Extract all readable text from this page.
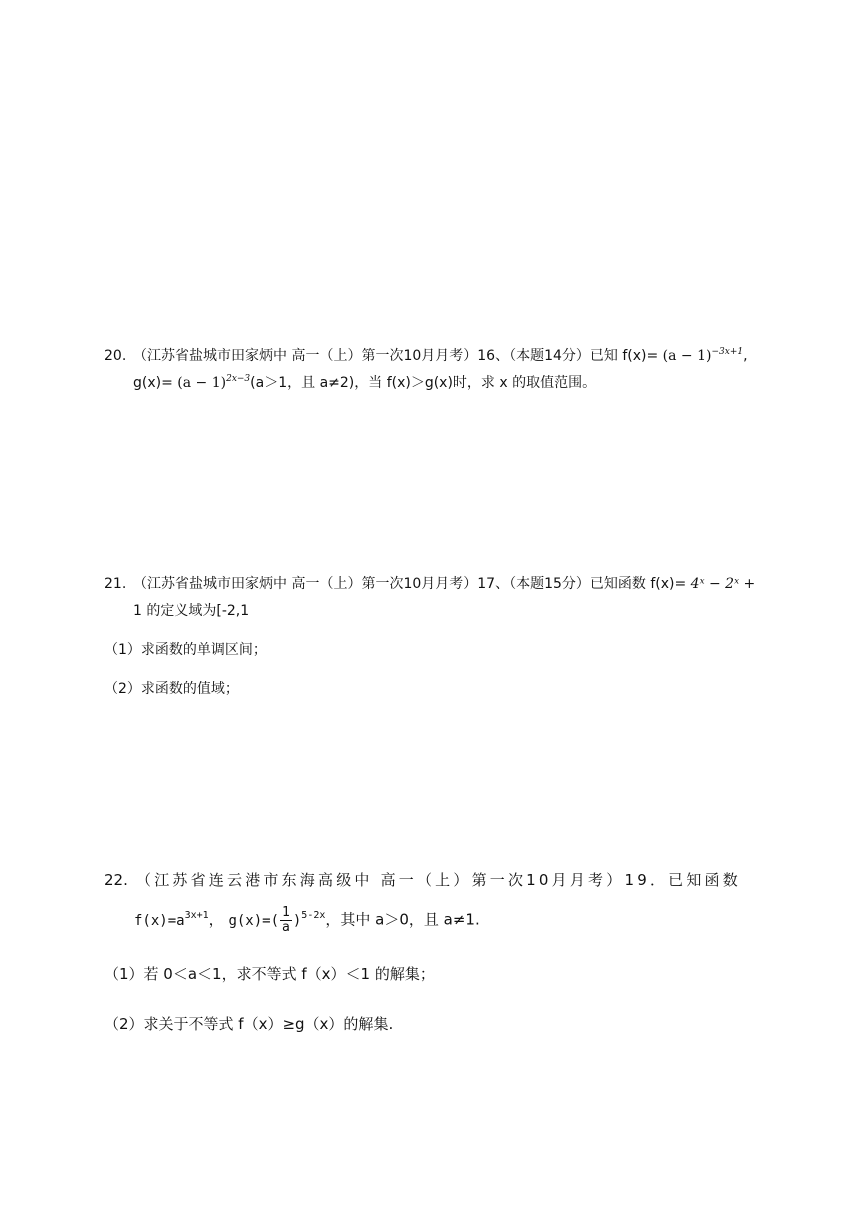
20. （江苏省盐城市田家炳中 高一（上）第一次10月月考）16、（本题14分）已知 $f(x)= (a - 1)^{-3x+1}$,
$g(x)= (a - 1)^{2x-3}(a>1$，且 a≠2)，当 f(x)＞g(x)时，求 x 的取值范围。
21. （江苏省盐城市田家炳中 高一（上）第一次10月月考）17、（本题15分）已知函数 f(x)= 4ˣ − 2ˣ +
1 的定义域为[-2,1
（1）求函数的单调区间；
（2）求函数的值域；
22. （江苏省连云港市东海高级中 高一（上）第一次10月月考）19．已知函数
$f(x)=a^{3x+1}$， $g(x)=( \frac{1}{a} )^{5-2x}$，其中 a＞0，且 a≠1.
（1）若 0＜a＜1，求不等式 f（x）＜1 的解集；
（2）求关于不等式 f（x）≥g（x）的解集.
